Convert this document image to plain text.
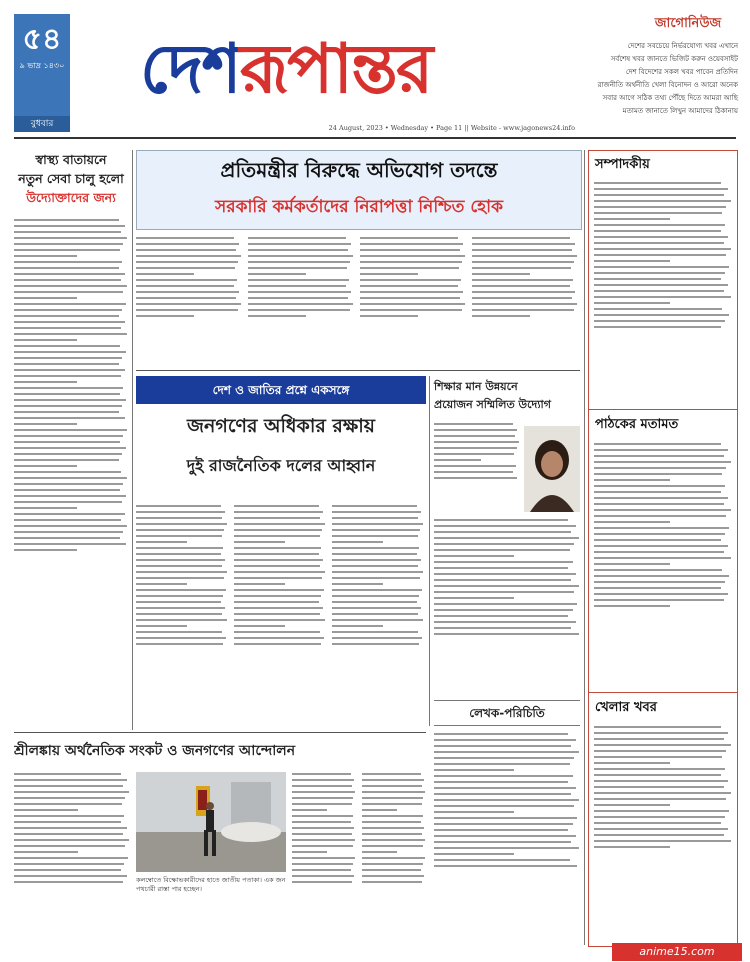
৫৪
৯ ভাদ্র ১৪৩০
বুধবার
দেশরূপান্তর
24 August, 2023 • Wednesday • Page 11 || Website - www.jagonews24.info
জাগোনিউজ
দেশের সবচেয়ে নির্ভরযোগ্য খবর এখানে
সর্বশেষ খবর জানতে ভিজিট করুন ওয়েবসাইট
দেশ বিদেশের সকল খবর পাবেন প্রতিদিন
রাজনীতি অর্থনীতি খেলা বিনোদন ও আরো অনেক
সবার আগে সঠিক তথ্য পৌঁছে দিতে আমরা আছি
মতামত জানাতে লিখুন আমাদের ঠিকানায়
স্বাস্থ্য বাতায়নে
নতুন সেবা চালু হলো
উদ্যোক্তাদের জন্য
প্রতিমন্ত্রীর বিরুদ্ধে অভিযোগ তদন্তে
সরকারি কর্মকর্তাদের নিরাপত্তা নিশ্চিত হোক
দেশ ও জাতির প্রশ্নে একসঙ্গে
জনগণের অধিকার রক্ষায়
দুই রাজনৈতিক দলের আহ্বান
শিক্ষার মান উন্নয়নে
প্রয়োজন সম্মিলিত উদ্যোগ
লেখক-পরিচিতি
সম্পাদকীয়
পাঠকের মতামত
খেলার খবর
শ্রীলঙ্কায় অর্থনৈতিক সংকট ও জনগণের আন্দোলন
কলম্বোতে বিক্ষোভকারীদের হাতে জাতীয় পতাকা। এক জন পথচারী রাস্তা পার হচ্ছেন।
anime15.com
